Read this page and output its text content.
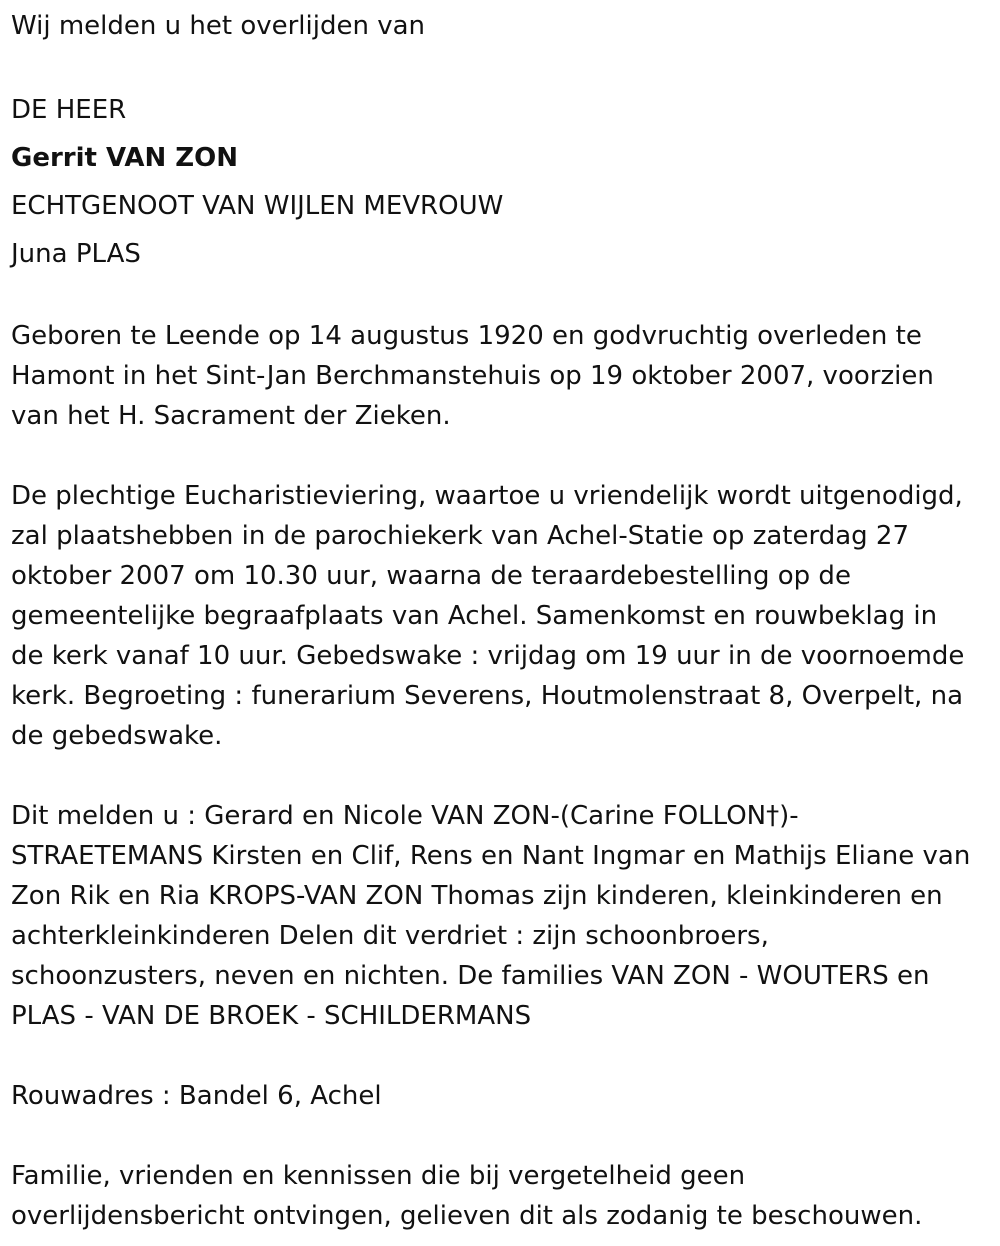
Wij melden u het overlijden van
DE HEER
Gerrit VAN ZON
ECHTGENOOT VAN WIJLEN MEVROUW
Juna PLAS
Geboren te Leende op 14 augustus 1920 en godvruchtig overleden te
Hamont in het Sint-Jan Berchmanstehuis op 19 oktober 2007, voorzien
van het H. Sacrament der Zieken.
De plechtige Eucharistieviering, waartoe u vriendelijk wordt uitgenodigd,
zal plaatshebben in de parochiekerk van Achel-Statie op zaterdag 27
oktober 2007 om 10.30 uur, waarna de teraardebestelling op de
gemeentelijke begraafplaats van Achel. Samenkomst en rouwbeklag in
de kerk vanaf 10 uur. Gebedswake : vrijdag om 19 uur in de voornoemde
kerk. Begroeting : funerarium Severens, Houtmolenstraat 8, Overpelt, na
de gebedswake.
Dit melden u : Gerard en Nicole VAN ZON-(Carine FOLLON†)-
STRAETEMANS Kirsten en Clif, Rens en Nant Ingmar en Mathijs Eliane van
Zon Rik en Ria KROPS-VAN ZON Thomas zijn kinderen, kleinkinderen en
achterkleinkinderen Delen dit verdriet : zijn schoonbroers,
schoonzusters, neven en nichten. De families VAN ZON - WOUTERS en
PLAS - VAN DE BROEK - SCHILDERMANS
Rouwadres : Bandel 6, Achel
Familie, vrienden en kennissen die bij vergetelheid geen
overlijdensbericht ontvingen, gelieven dit als zodanig te beschouwen.
